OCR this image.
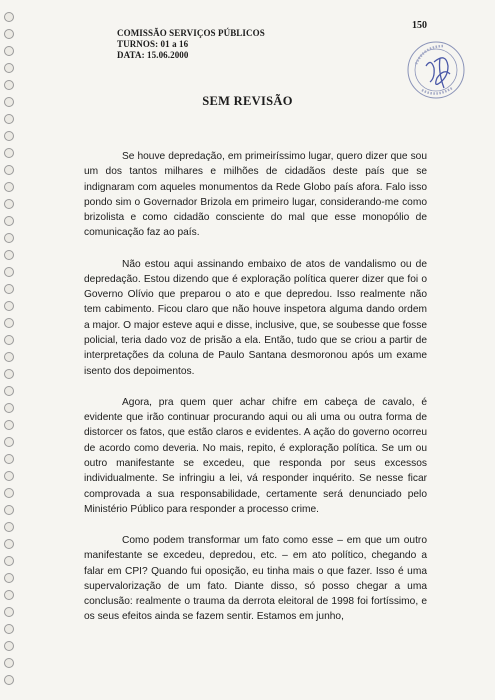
COMISSÃO SERVIÇOS PÚBLICOS
TURNOS: 01 a 16
DATA: 15.06.2000
150
SEM REVISÃO

Se houve depredação, em primeiríssimo lugar, quero dizer que sou um dos tantos milhares e milhões de cidadãos deste país que se indignaram com aqueles monumentos da Rede Globo país afora. Falo isso pondo sim o Governador Brizola em primeiro lugar, considerando-me como brizolista e como cidadão consciente do mal que esse monopólio de comunicação faz ao país.

Não estou aqui assinando embaixo de atos de vandalismo ou de depredação. Estou dizendo que é exploração política querer dizer que foi o Governo Olívio que preparou o ato e que depredou. Isso realmente não tem cabimento. Ficou claro que não houve inspetora alguma dando ordem a major. O major esteve aqui e disse, inclusive, que, se soubesse que fosse policial, teria dado voz de prisão a ela. Então, tudo que se criou a partir de interpretações da coluna de Paulo Santana desmoronou após um exame isento dos depoimentos.

Agora, pra quem quer achar chifre em cabeça de cavalo, é evidente que irão continuar procurando aqui ou ali uma ou outra forma de distorcer os fatos, que estão claros e evidentes. A ação do governo ocorreu de acordo como deveria. No mais, repito, é exploração política. Se um ou outro manifestante se excedeu, que responda por seus excessos individualmente. Se infringiu a lei, vá responder inquérito. Se nesse ficar comprovada a sua responsabilidade, certamente será denunciado pelo Ministério Público para responder a processo crime.

Como podem transformar um fato como esse – em que um outro manifestante se excedeu, depredou, etc. – em ato político, chegando a falar em CPI? Quando fui oposição, eu tinha mais o que fazer. Isso é uma supervalorização de um fato. Diante disso, só posso chegar a uma conclusão: realmente o trauma da derrota eleitoral de 1998 foi fortíssimo, e os seus efeitos ainda se fazem sentir. Estamos em junho,
